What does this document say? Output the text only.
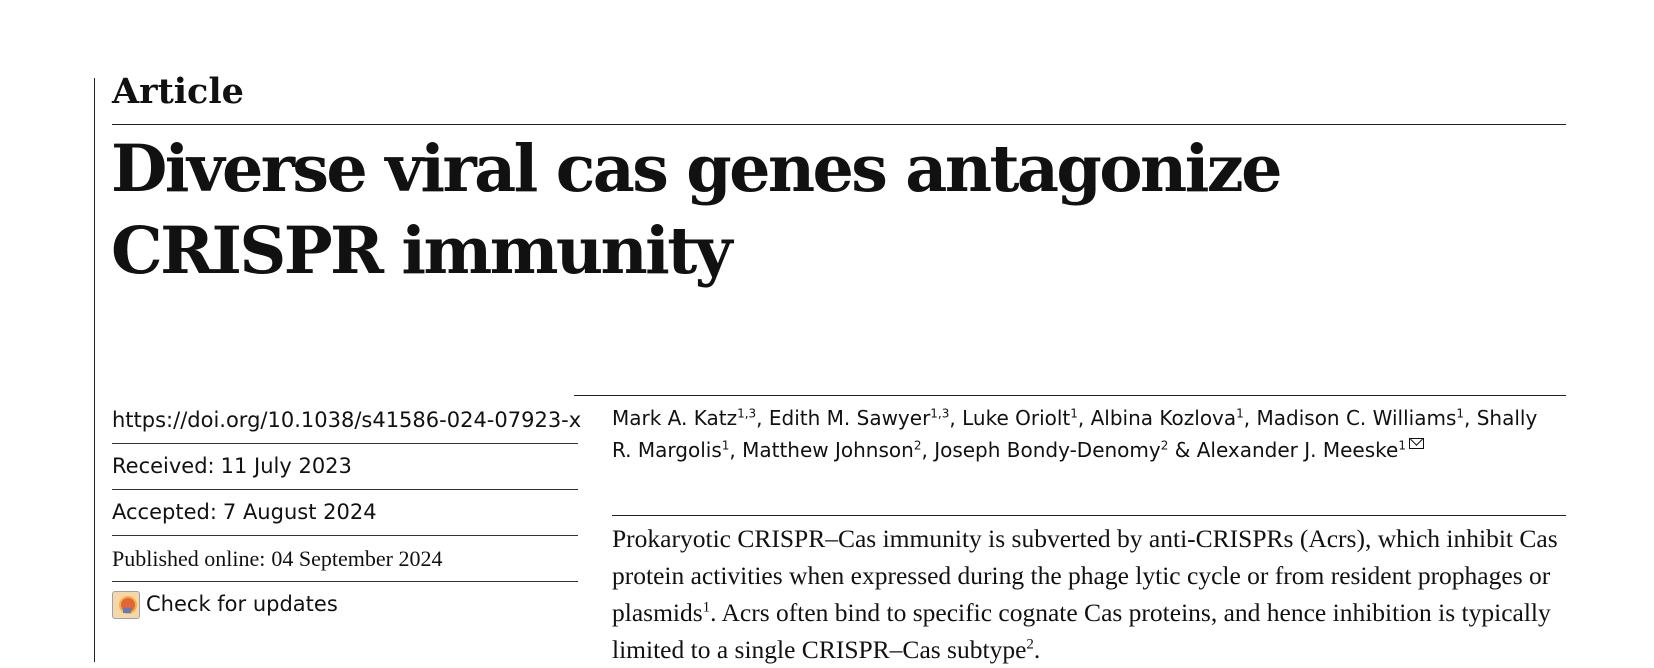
Article
Diverse viral cas genes antagonize CRISPR immunity
https://doi.org/10.1038/s41586-024-07923-x
Received: 11 July 2023
Accepted: 7 August 2024
Published online: 04 September 2024
Check for updates

Mark A. Katz$^{1,3}$, Edith M. Sawyer$^{1,3}$, Luke Oriolt$^1$, Albina Kozlova$^1$, Madison C. Williams$^1$, Shally R. Margolis$^1$, Matthew Johnson$^2$, Joseph Bondy-Denomy$^2$ & Alexander J. Meeske$^1$

Prokaryotic CRISPR–Cas immunity is subverted by anti-CRISPRs (Acrs), which inhibit Cas protein activities when expressed during the phage lytic cycle or from resident prophages or plasmids$^1$. Acrs often bind to specific cognate Cas proteins, and hence inhibition is typically limited to a single CRISPR–Cas subtype$^2$.
